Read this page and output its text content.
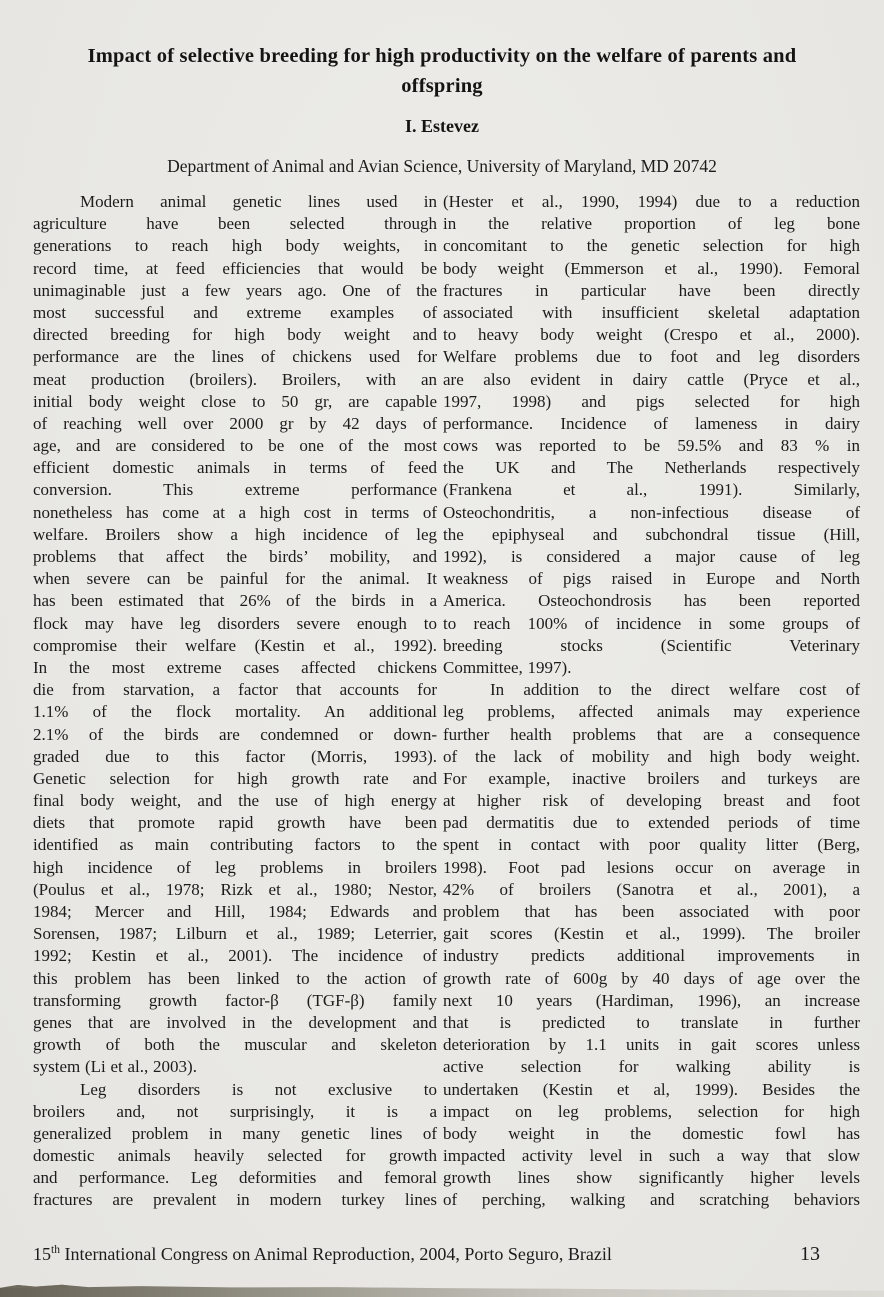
Impact of selective breeding for high productivity on the welfare of parents and
offspring
I. Estevez
Department of Animal and Avian Science, University of Maryland, MD 20742
Modern animal genetic lines used in
agriculture have been selected through
generations to reach high body weights, in
record time, at feed efficiencies that would be
unimaginable just a few years ago. One of the
most successful and extreme examples of
directed breeding for high body weight and
performance are the lines of chickens used for
meat production (broilers). Broilers, with an
initial body weight close to 50 gr, are capable
of reaching well over 2000 gr by 42 days of
age, and are considered to be one of the most
efficient domestic animals in terms of feed
conversion. This extreme performance
nonetheless has come at a high cost in terms of
welfare. Broilers show a high incidence of leg
problems that affect the birds’ mobility, and
when severe can be painful for the animal. It
has been estimated that 26% of the birds in a
flock may have leg disorders severe enough to
compromise their welfare (Kestin et al., 1992).
In the most extreme cases affected chickens
die from starvation, a factor that accounts for
1.1% of the flock mortality. An additional
2.1% of the birds are condemned or down-
graded due to this factor (Morris, 1993).
Genetic selection for high growth rate and
final body weight, and the use of high energy
diets that promote rapid growth have been
identified as main contributing factors to the
high incidence of leg problems in broilers
(Poulus et al., 1978; Rizk et al., 1980; Nestor,
1984; Mercer and Hill, 1984; Edwards and
Sorensen, 1987; Lilburn et al., 1989; Leterrier,
1992; Kestin et al., 2001). The incidence of
this problem has been linked to the action of
transforming growth factor-β (TGF-β) family
genes that are involved in the development and
growth of both the muscular and skeleton
system (Li et al., 2003).
Leg disorders is not exclusive to
broilers and, not surprisingly, it is a
generalized problem in many genetic lines of
domestic animals heavily selected for growth
and performance. Leg deformities and femoral
fractures are prevalent in modern turkey lines
(Hester et al., 1990, 1994) due to a reduction
in the relative proportion of leg bone
concomitant to the genetic selection for high
body weight (Emmerson et al., 1990). Femoral
fractures in particular have been directly
associated with insufficient skeletal adaptation
to heavy body weight (Crespo et al., 2000).
Welfare problems due to foot and leg disorders
are also evident in dairy cattle (Pryce et al.,
1997, 1998) and pigs selected for high
performance. Incidence of lameness in dairy
cows was reported to be 59.5% and 83 % in
the UK and The Netherlands respectively
(Frankena et al., 1991). Similarly,
Osteochondritis, a non-infectious disease of
the epiphyseal and subchondral tissue (Hill,
1992), is considered a major cause of leg
weakness of pigs raised in Europe and North
America. Osteochondrosis has been reported
to reach 100% of incidence in some groups of
breeding stocks (Scientific Veterinary
Committee, 1997).
In addition to the direct welfare cost of
leg problems, affected animals may experience
further health problems that are a consequence
of the lack of mobility and high body weight.
For example, inactive broilers and turkeys are
at higher risk of developing breast and foot
pad dermatitis due to extended periods of time
spent in contact with poor quality litter (Berg,
1998). Foot pad lesions occur on average in
42% of broilers (Sanotra et al., 2001), a
problem that has been associated with poor
gait scores (Kestin et al., 1999). The broiler
industry predicts additional improvements in
growth rate of 600g by 40 days of age over the
next 10 years (Hardiman, 1996), an increase
that is predicted to translate in further
deterioration by 1.1 units in gait scores unless
active selection for walking ability is
undertaken (Kestin et al, 1999). Besides the
impact on leg problems, selection for high
body weight in the domestic fowl has
impacted activity level in such a way that slow
growth lines show significantly higher levels
of perching, walking and scratching behaviors
15th International Congress on Animal Reproduction, 2004, Porto Seguro, Brazil	13
